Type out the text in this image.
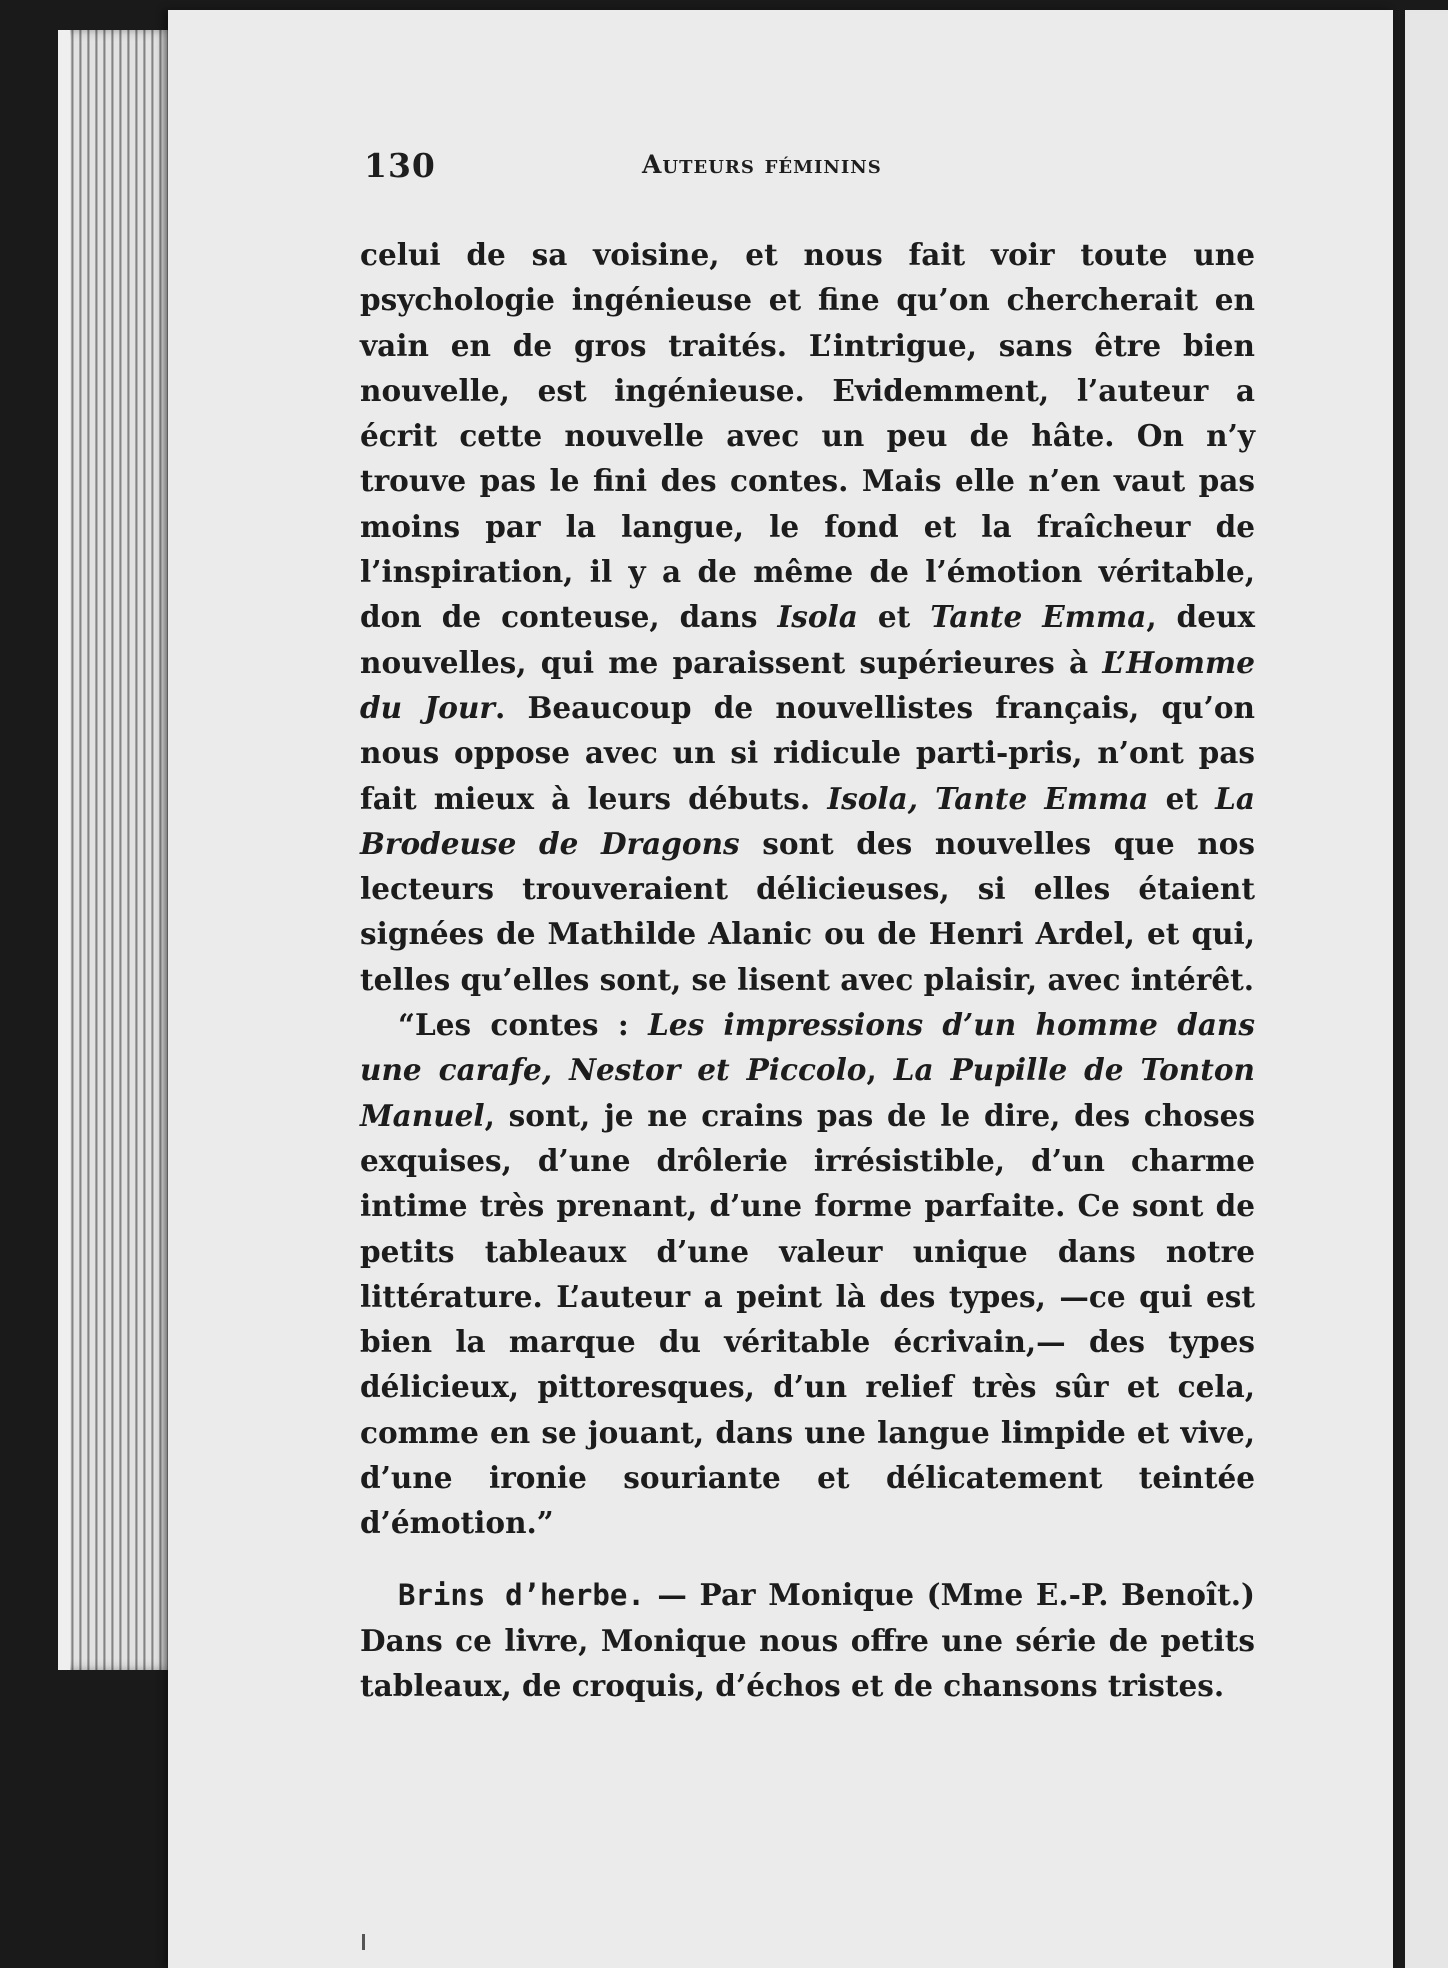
130	Auteurs féminins

celui de sa voisine, et nous fait voir toute une psychologie ingénieuse et fine qu’on chercherait en vain en de gros traités. L’intrigue, sans être bien nouvelle, est ingénieuse. Evidemment, l’auteur a écrit cette nouvelle avec un peu de hâte. On n’y trouve pas le fini des contes. Mais elle n’en vaut pas moins par la langue, le fond et la fraîcheur de l’inspiration, il y a de même de l’émotion véritable, don de conteuse, dans Isola et Tante Emma, deux nouvelles, qui me paraissent supérieures à L’Homme du Jour. Beaucoup de nouvellistes français, qu’on nous oppose avec un si ridicule parti-pris, n’ont pas fait mieux à leurs débuts. Isola, Tante Emma et La Brodeuse de Dragons sont des nouvelles que nos lecteurs trouveraient délicieuses, si elles étaient signées de Mathilde Alanic ou de Henri Ardel, et qui, telles qu’elles sont, se lisent avec plaisir, avec intérêt.

“Les contes : Les impressions d’un homme dans une carafe, Nestor et Piccolo, La Pupille de Tonton Manuel, sont, je ne crains pas de le dire, des choses exquises, d’une drôlerie irrésistible, d’un charme intime très prenant, d’une forme parfaite. Ce sont de petits tableaux d’une valeur unique dans notre littérature. L’auteur a peint là des types, —ce qui est bien la marque du véritable écrivain,— des types délicieux, pittoresques, d’un relief très sûr et cela, comme en se jouant, dans une langue limpide et vive, d’une ironie souriante et délicatement teintée d’émotion.”

Brins d’herbe. — Par Monique (Mme E.-P. Benoît.) Dans ce livre, Monique nous offre une série de petits tableaux, de croquis, d’échos et de chansons tristes.
